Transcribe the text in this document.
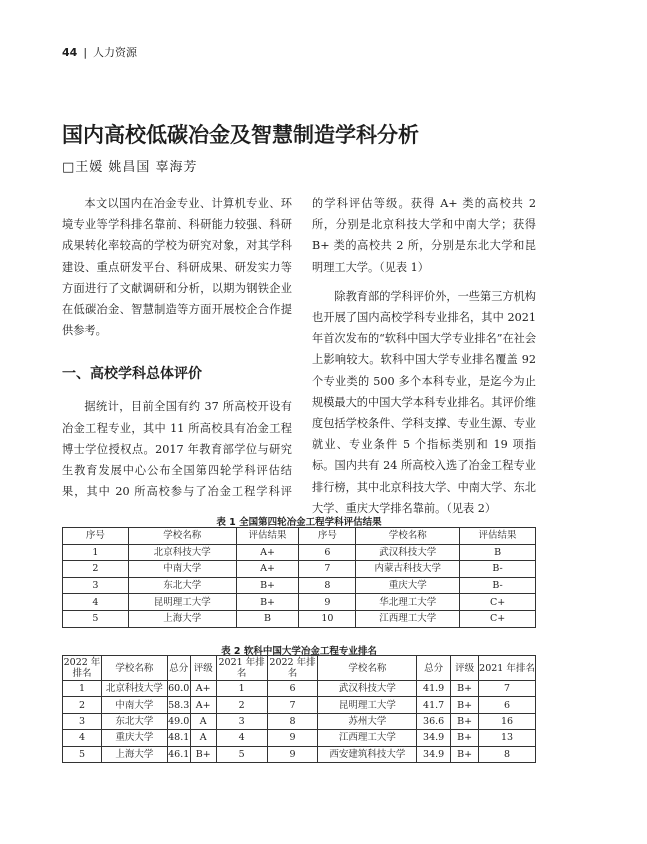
44 | 人力资源
国内高校低碳冶金及智慧制造学科分析
□王媛 姚昌国 辜海芳

本文以国内在冶金专业、计算机专业、环境专业等学科排名靠前、科研能力较强、科研成果转化率较高的学校为研究对象，对其学科建设、重点研发平台、科研成果、研发实力等方面进行了文献调研和分析，以期为钢铁企业在低碳冶金、智慧制造等方面开展校企合作提供参考。

一、高校学科总体评价

据统计，目前全国有约 37 所高校开设有冶金工程专业，其中 11 所高校具有冶金工程博士学位授权点。2017 年教育部学位与研究生教育发展中心公布全国第四轮学科评估结果，其中 20 所高校参与了冶金工程学科评

的学科评估等级。获得 A+ 类的高校共 2 所，分别是北京科技大学和中南大学；获得 B+ 类的高校共 2 所，分别是东北大学和昆明理工大学。（见表 1）

除教育部的学科评价外，一些第三方机构也开展了国内高校学科专业排名，其中 2021 年首次发布的“软科中国大学专业排名”在社会上影响较大。软科中国大学专业排名覆盖 92 个专业类的 500 多个本科专业，是迄今为止规模最大的中国大学本科专业排名。其评价维度包括学校条件、学科支撑、专业生源、专业就业、专业条件 5 个指标类别和 19 项指标。国内共有 24 所高校入选了冶金工程专业排行榜，其中北京科技大学、中南大学、东北大学、重庆大学排名靠前。（见表 2）

表 1 全国第四轮冶金工程学科评估结果
序号	学校名称	评估结果	序号	学校名称	评估结果
1	北京科技大学	A+	6	武汉科技大学	B
2	中南大学	A+	7	内蒙古科技大学	B-
3	东北大学	B+	8	重庆大学	B-
4	昆明理工大学	B+	9	华北理工大学	C+
5	上海大学	B	10	江西理工大学	C+
表 2 软科中国大学冶金工程专业排名
2022 年排名	学校名称	总分	评级	2021 年排名	2022 年排名	学校名称	总分	评级	2021 年排名
1	北京科技大学	60.0	A+	1	6	武汉科技大学	41.9	B+	7
2	中南大学	58.3	A+	2	7	昆明理工大学	41.7	B+	6
3	东北大学	49.0	A	3	8	苏州大学	36.6	B+	16
4	重庆大学	48.1	A	4	9	江西理工大学	34.9	B+	13
5	上海大学	46.1	B+	5	9	西安建筑科技大学	34.9	B+	8
